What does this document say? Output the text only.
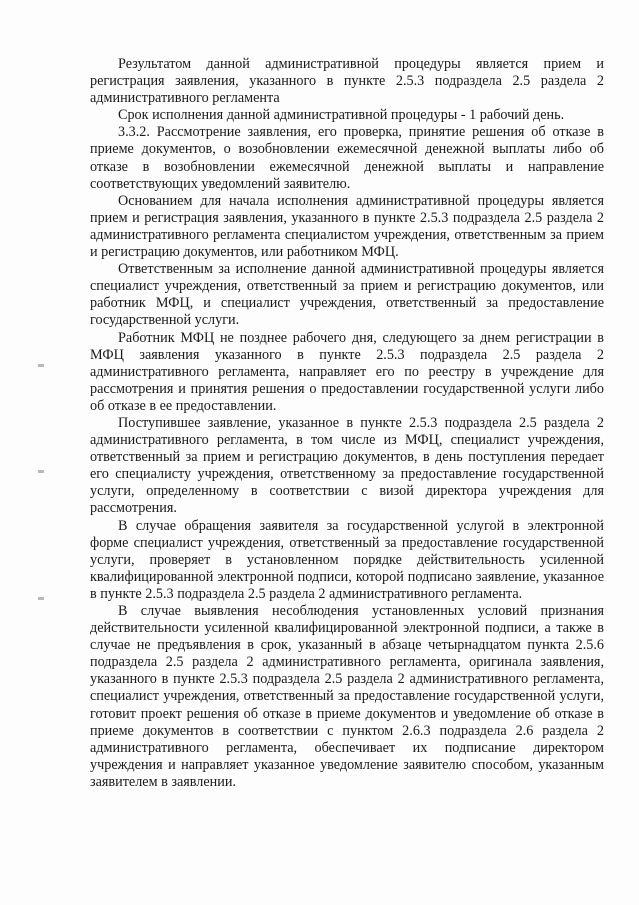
Результатом данной административной процедуры является прием и регистрация заявления, указанного в пункте 2.5.3 подраздела 2.5 раздела 2 административного регламента

Срок исполнения данной административной процедуры - 1 рабочий день.

3.3.2. Рассмотрение заявления, его проверка, принятие решения об отказе в приеме документов, о возобновлении ежемесячной денежной выплаты либо об отказе в возобновлении ежемесячной денежной выплаты и направление соответствующих уведомлений заявителю.

Основанием для начала исполнения административной процедуры является прием и регистрация заявления, указанного в пункте 2.5.3 подраздела 2.5 раздела 2 административного регламента специалистом учреждения, ответственным за прием и регистрацию документов, или работником МФЦ.

Ответственным за исполнение данной административной процедуры является специалист учреждения, ответственный за прием и регистрацию документов, или работник МФЦ, и специалист учреждения, ответственный за предоставление государственной услуги.

Работник МФЦ не позднее рабочего дня, следующего за днем регистрации в МФЦ заявления указанного в пункте 2.5.3 подраздела 2.5 раздела 2 административного регламента, направляет его по реестру в учреждение для рассмотрения и принятия решения о предоставлении государственной услуги либо об отказе в ее предоставлении.

Поступившее заявление, указанное в пункте 2.5.3 подраздела 2.5 раздела 2 административного регламента, в том числе из МФЦ, специалист учреждения, ответственный за прием и регистрацию документов, в день поступления передает его специалисту учреждения, ответственному за предоставление государственной услуги, определенному в соответствии с визой директора учреждения для рассмотрения.

В случае обращения заявителя за государственной услугой в электронной форме специалист учреждения, ответственный за предоставление государственной услуги, проверяет в установленном порядке действительность усиленной квалифицированной электронной подписи, которой подписано заявление, указанное в пункте 2.5.3 подраздела 2.5 раздела 2 административного регламента.

В случае выявления несоблюдения установленных условий признания действительности усиленной квалифицированной электронной подписи, а также в случае не предъявления в срок, указанный в абзаце четырнадцатом пункта 2.5.6 подраздела 2.5 раздела 2 административного регламента, оригинала заявления, указанного в пункте 2.5.3 подраздела 2.5 раздела 2 административного регламента, специалист учреждения, ответственный за предоставление государственной услуги, готовит проект решения об отказе в приеме документов и уведомление об отказе в приеме документов в соответствии с пунктом 2.6.3 подраздела 2.6 раздела 2 административного регламента, обеспечивает их подписание директором учреждения и направляет указанное уведомление заявителю способом, указанным заявителем в заявлении.
